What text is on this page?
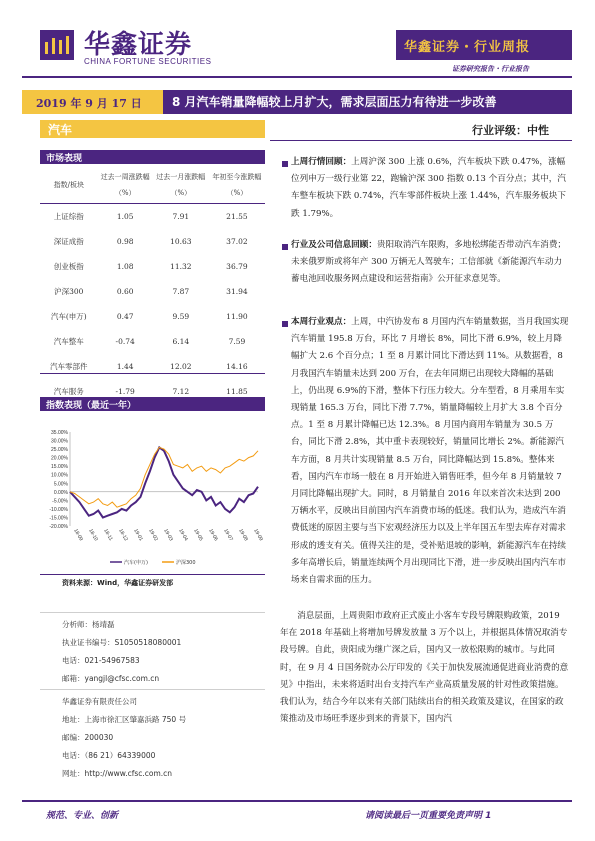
华鑫证券
CHINA FORTUNE SECURITIES
华鑫证券・行业周报
证券研究报告・行业报告
2019 年 9 月 17 日	8 月汽车销量降幅较上月扩大，需求层面压力有待进一步改善
汽车	行业评级：中性
市场表现
指数/板块	过去一周涨跌幅（%）	过去一月涨跌幅（%）	年初至今涨跌幅（%）
上证综指	1.05	7.91	21.55
深证成指	0.98	10.63	37.02
创业板指	1.08	11.32	36.79
沪深300	0.60	7.87	31.94
汽车(申万)	0.47	9.59	11.90
汽车整车	-0.74	6.14	7.59
汽车零部件	1.44	12.02	14.16
汽车服务	-1.79	7.12	11.85
指数表现（最近一年）
35.00%
30.00%
25.00%
20.00%
15.00%
10.00%
5.00%
0.00%
-5.00%
-10.00%
-15.00%
-20.00%
18-09 18-10 18-11 18-12 19-01 19-02 19-03 19-04 19-05 19-06 19-07 19-08 19-09
汽车(申万)	沪深300
资料来源：Wind，华鑫证券研发部
分析师：杨靖磊
执业证书编号：S1050518080001
电话：021-54967583
邮箱：yangjl@cfsc.com.cn
华鑫证券有限责任公司
地址：上海市徐汇区肇嘉浜路 750 号
邮编：200030
电话：（86 21）64339000
网址：http://www.cfsc.com.cn
上周行情回顾：上周沪深 300 上涨 0.6%，汽车板块下跌 0.47%，涨幅位列申万一级行业第 22，跑输沪深 300 指数 0.13 个百分点；其中，汽车整车板块下跌 0.74%，汽车零部件板块上涨 1.44%，汽车服务板块下跌 1.79%。
行业及公司信息回顾：贵阳取消汽车限购，多地松绑能否带动汽车消费；未来俄罗斯或将年产 300 万辆无人驾驶车；工信部就《新能源汽车动力蓄电池回收服务网点建设和运营指南》公开征求意见等。
本周行业观点：上周，中汽协发布 8 月国内汽车销量数据，当月我国实现汽车销量 195.8 万台，环比 7 月增长 8%，同比下滑 6.9%，较上月降幅扩大 2.6 个百分点；1 至 8 月累计同比下滑达到 11%。从数据看，8 月我国汽车销量未达到 200 万台，在去年同期已出现较大降幅的基础上，仍出现 6.9%的下滑，整体下行压力较大。分车型看，8 月乘用车实现销量 165.3 万台，同比下滑 7.7%，销量降幅较上月扩大 3.8 个百分点。1 至 8 月累计降幅已达 12.3%。8 月国内商用车销量为 30.5 万台，同比下滑 2.8%，其中重卡表现较好，销量同比增长 2%。新能源汽车方面，8 月共计实现销量 8.5 万台，同比降幅达到 15.8%。整体来看，国内汽车市场一般在 8 月开始进入销售旺季，但今年 8 月销量较 7 月同比降幅出现扩大。同时，8 月销量自 2016 年以来首次未达到 200 万辆水平，反映出目前国内汽车消费市场的低迷。我们认为，造成汽车消费低迷的原因主要与当下宏观经济压力以及上半年国五车型去库存对需求形成的透支有关。值得关注的是，受补贴退坡的影响，新能源汽车在持续多年高增长后，销量连续两个月出现同比下滑，进一步反映出国内汽车市场来自需求面的压力。
消息层面，上周贵阳市政府正式废止小客车专段号牌限购政策，2019 年在 2018 年基础上将增加号牌发放量 3 万个以上，并根据具体情况取消专段号牌。自此，贵阳成为继广深之后，国内又一放松限购的城市。与此同时，在 9 月 4 日国务院办公厅印发的《关于加快发展流通促进商业消费的意见》中指出，未来将适时出台支持汽车产业高质量发展的针对性政策措施。我们认为，结合今年以来有关部门陆续出台的相关政策及建议，在国家的政策推动及市场旺季逐步到来的背景下，国内汽
规范、专业、创新	请阅读最后一页重要免责声明 1
